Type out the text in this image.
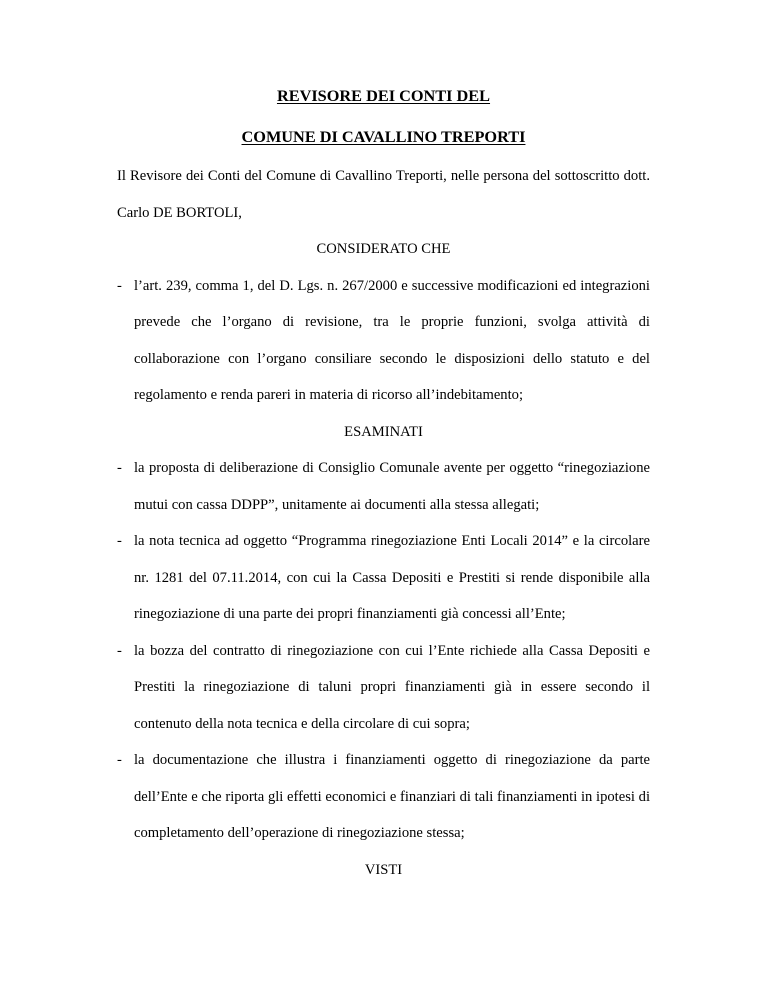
REVISORE DEI CONTI DEL

COMUNE DI CAVALLINO TREPORTI

Il Revisore dei Conti del Comune di Cavallino Treporti, nelle persona del sottoscritto dott. Carlo DE BORTOLI,

CONSIDERATO CHE

- l’art. 239, comma 1, del D. Lgs. n. 267/2000 e successive modificazioni ed integrazioni prevede che l’organo di revisione, tra le proprie funzioni, svolga attività di collaborazione con l’organo consiliare secondo le disposizioni dello statuto e del regolamento e renda pareri in materia di ricorso all’indebitamento;

ESAMINATI

- la proposta di deliberazione di Consiglio Comunale avente per oggetto “rinegoziazione mutui con cassa DDPP”, unitamente ai documenti alla stessa allegati;
- la nota tecnica ad oggetto “Programma rinegoziazione Enti Locali 2014” e la circolare nr. 1281 del 07.11.2014, con cui la Cassa Depositi e Prestiti si rende disponibile alla rinegoziazione di una parte dei propri finanziamenti già concessi all’Ente;
- la bozza del contratto di rinegoziazione con cui l’Ente richiede alla Cassa Depositi e Prestiti la rinegoziazione di taluni propri finanziamenti già in essere secondo il contenuto della nota tecnica e della circolare di cui sopra;
- la documentazione che illustra i finanziamenti oggetto di rinegoziazione da parte dell’Ente e che riporta gli effetti economici e finanziari di tali finanziamenti in ipotesi di completamento dell’operazione di rinegoziazione stessa;

VISTI
